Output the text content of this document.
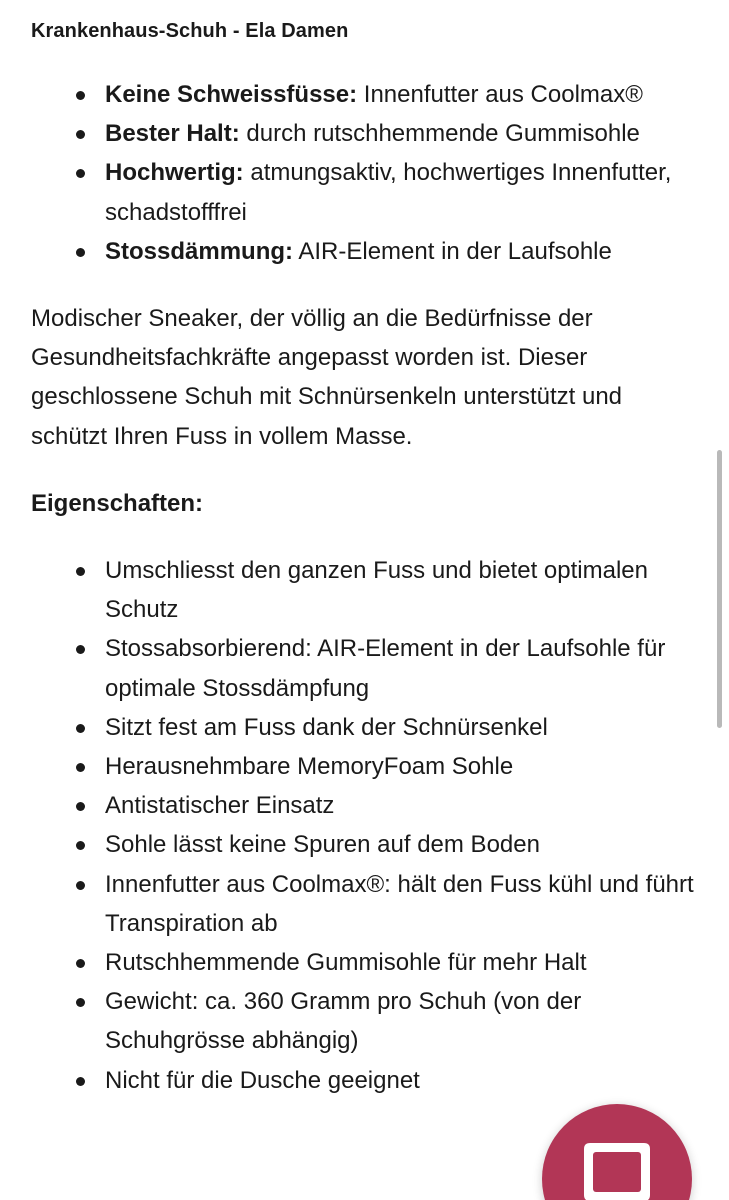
Krankenhaus-Schuh - Ela Damen
Keine Schweissfüsse: Innenfutter aus Coolmax®
Bester Halt: durch rutschhemmende Gummisohle
Hochwertig: atmungsaktiv, hochwertiges Innenfutter, schadstofffrei
Stossdämmung: AIR-Element in der Laufsohle

Modischer Sneaker, der völlig an die Bedürfnisse der Gesundheitsfachkräfte angepasst worden ist. Dieser geschlossene Schuh mit Schnürsenkeln unterstützt und schützt Ihren Fuss in vollem Masse.

Eigenschaften:

Umschliesst den ganzen Fuss und bietet optimalen Schutz
Stossabsorbierend: AIR-Element in der Laufsohle für optimale Stossdämpfung
Sitzt fest am Fuss dank der Schnürsenkel
Herausnehmbare MemoryFoam Sohle
Antistatischer Einsatz
Sohle lässt keine Spuren auf dem Boden
Innenfutter aus Coolmax®: hält den Fuss kühl und führt Transpiration ab
Rutschhemmende Gummisohle für mehr Halt
Gewicht: ca. 360 Gramm pro Schuh (von der Schuhgrösse abhängig)
Nicht für die Dusche geeignet
